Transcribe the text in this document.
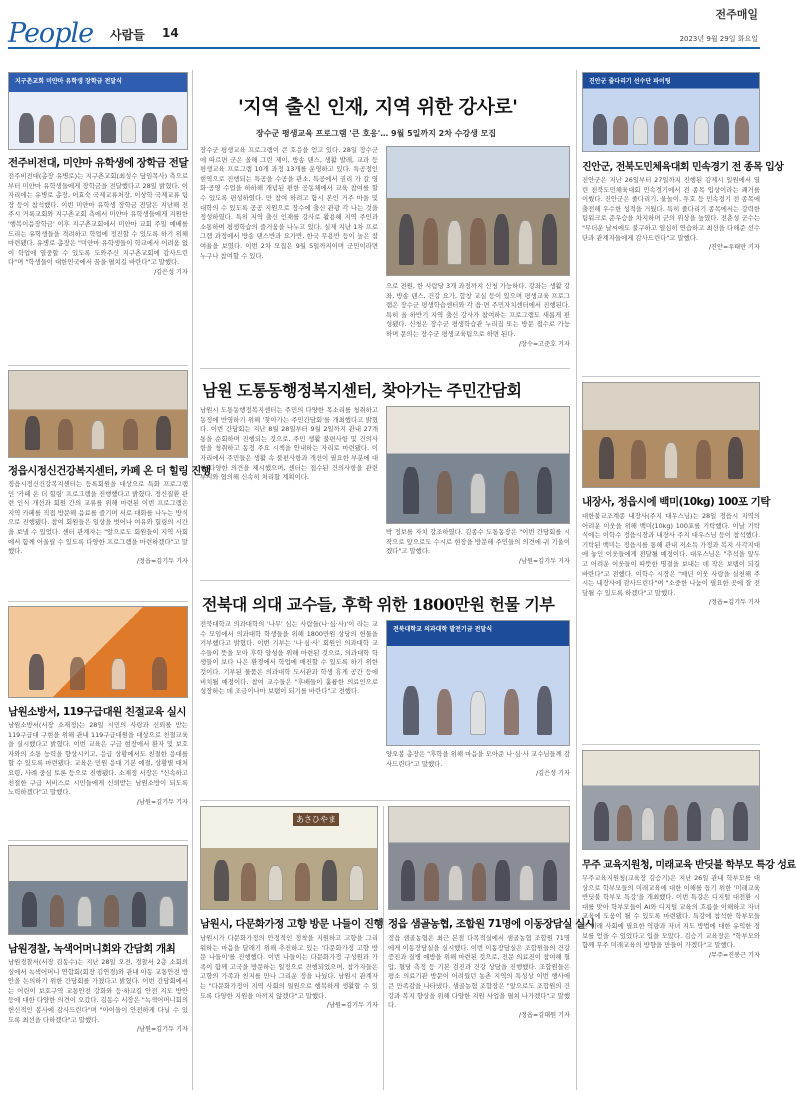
People 사람들 14
전주매일
2023년 9월 29일 화요일
지구촌교회 미얀마 유학생 장학금 전달식
전주비전대, 미얀마 유학생에 장학금 전달
전주비전대(총장 유병로)는 지구촌교회(최성수 담임목사) 측으로부터 미얀마 유학생들에게 장학금을 전달했다고 28일 밝혔다. 이 자리에는 유병로 총장, 이효숙 국제교류처장, 이상학 국제교류 팀장 등이 참석했다. 이번 미얀마 유학생 장학금 전달은 지난해 전주시 거룩교회와 지구촌교회 측에서 미얀마 유학생들에게 지원한 '행복이음장학금' 이후 지구촌교회에서 미얀마 교회 주일 예배를 드리는 유학생들을 격려하고 학업에 정진할 수 있도록 하기 위해 마련됐다. 유병로 총장은 "미얀마 유학생들이 학교에서 어려움 없이 학업에 열중할 수 있도록 도와주신 지구촌교회에 감사드린다"며 "학생들이 대한민국에서 꿈을 펼치길 바란다"고 말했다.
/김은성 기자
정읍시정신건강복지센터, 카페 온 더 힐링 진행
정읍시정신건강복지센터는 등록회원을 대상으로 특화 프로그램인 '카페 온 더 힐링' 프로그램을 진행했다고 밝혔다. 정신질환 관련 인식 개선과 회원 간의 교류를 위해 마련된 이번 프로그램은 지역 카페를 직접 방문해 음료를 즐기며 서로 대화를 나누는 방식으로 진행됐다. 참여 회원들은 일상을 벗어나 여유와 힐링의 시간을 보낼 수 있었다. 센터 관계자는 "앞으로도 회원들이 지역 사회에서 함께 어울릴 수 있도록 다양한 프로그램을 마련하겠다"고 말했다.
/정읍=김기두 기자
남원소방서, 119구급대원 친절교육 실시
남원소방서(서장 소재정)는 28일 시민의 사랑과 신뢰를 받는 119구급대 구현을 위해 관내 119구급대원을 대상으로 친절교육을 실시했다고 밝혔다. 이번 교육은 구급 현장에서 환자 및 보호자와의 소통 능력을 향상시키고, 응급 상황에서도 친절한 응대를 할 수 있도록 마련됐다. 교육은 민원 응대 기본 예절, 상황별 대처 요령, 사례 중심 토론 등으로 진행됐다. 소재정 서장은 "신속하고 친절한 구급 서비스로 시민들에게 신뢰받는 남원소방이 되도록 노력하겠다"고 말했다.
/남원=김기두 기자
남원경찰, 녹색어머니회와 간담회 개최
남원경찰서(서장 김동수)는 지난 28일 오전, 경찰서 2층 소회의실에서 녹색어머니 연합회(회장 김연경)와 관내 아동 교통안전 방안을 논의하기 위한 간담회를 가졌다고 밝혔다. 이번 간담회에서는 어린이 보호구역 교통안전 강화와 등·하교길 안전 지도 방안 등에 대한 다양한 의견이 오갔다. 김동수 서장은 "녹색어머니회의 헌신적인 봉사에 감사드린다"며 "아이들이 안전하게 다닐 수 있도록 최선을 다하겠다"고 말했다.
/남원=김기두 기자
'지역 출신 인재, 지역 위한 강사로'
장수군 평생교육 프로그램 '큰 호응'… 9월 5일까지 2차 수강생 모집
장수군 평생교육 프로그램이 큰 호응을 얻고 있다. 28일 장수군에 따르면 군은 올해 그린 제이, 방송 댄스, 생활 발레, 교과 등 평생교육 프로그램 10개 과정 13개를 운영하고 있다. 특공정인 현역으로 진행되는 특공을 수공을 관소, 특공에서 권리 가 갈 영화·공영 수업을 하하해 개념된 편한 공동체에서 교육 참여를 할 수 있도록 편성하였다. 만 참여 하려고 함시 본인 거주 마을 및 대학의 수 있도록 공공 지원으로 장수에 출신 관광 각 나는 것을 정성하였다. 특히 지역 출신 인재를 강사로 활용해 지역 주민과 소통하며 평생학습의 즐거움을 나누고 있다. 실제 지난 1차 프로그램 과정에서 방송 댄스반과 요가반, 한국 무용반 등이 높은 참여율을 보였다. 이번 2차 모집은 9월 5일까지이며 군민이라면 누구나 참여할 수 있다.
으로 전원, 한 사람당 3개 과정까지 신청 가능하다. 강좌는 생활 강좌, 방송 댄스, 건강 요가, 합창 교실 등이 있으며 평생교육 프로그램은 장수군 평생학습센터와 각 읍·면 주민자치센터에서 진행된다. 특히 올 하반기 지역 출신 강사가 참여하는 프로그램도 새롭게 편성됐다. 신청은 장수군 평생학습관 누리집 또는 방문 접수로 가능하며 문의는 장수군 평생교육팀으로 하면 된다.
/장수=고준호 기자
남원 도통동행정복지센터, 찾아가는 주민간담회
남원시 도통동행정복지센터는 주민의 다양한 목소리를 청취하고 동정에 반영하기 위해 '찾아가는 주민간담회'를 개최했다고 밝혔다. 이번 간담회는 지난 8월 28일부터 9월 2일까지 관내 27개 통을 순회하며 진행되는 것으로, 주민 생활 불편사항 및 건의사항을 청취하고 동정 주요 시책을 안내하는 자리로 마련됐다. 이 자리에서 주민들은 생활 속 불편사항과 개선이 필요한 부분에 대한 다양한 의견을 제시했으며, 센터는 접수된 건의사항을 관련 부서와 협의해 신속히 처리할 계획이다.
박 정보를 자치 강조하였다. 김종수 도통동장은 "이번 간담회를 시작으로 앞으로도 수시로 현장을 방문해 주민들의 의견에 귀 기울이겠다"고 말했다.
/남원=김기두 기자
전북대 의대 교수들, 후학 위한 1800만원 헌물 기부
전북대학교 의과대학의 '나무' 심는 사람들(나·심·사)'이 라는 교수 모임에서 의과대학 학생들을 위해 1800만원 상당의 헌물을 기부했다고 밝혔다. 이번 기부는 '나·심·사' 회원인 의과대학 교수들이 뜻을 모아 후학 양성을 위해 마련된 것으로, 의과대학 학생들이 보다 나은 환경에서 학업에 매진할 수 있도록 하기 위한 것이다. 기부된 물품은 의과대학 도서관과 학생 휴게 공간 등에 비치될 예정이다. 참여 교수들은 "후배들이 훌륭한 의료인으로 성장하는 데 조금이나마 보탬이 되기를 바란다"고 전했다.
전북대학교 의과대학 발전기금 전달식
양오봉 총장은 "후학을 위해 마음을 모아준 나·심·사 교수님들께 감사드린다"고 말했다.
/김은성 기자
あさひやま
남원시, 다문화가정 고향 방문 나들이 진행
남원시가 다문화가정의 안정적인 정착을 지원하고 고향을 그리워하는 마음을 달래기 위해 추진하고 있는 '다문화가정 고향 방문 나들이'를 진행했다. 이번 나들이는 다문화가정 구성원과 가족이 함께 고국을 방문하는 일정으로 진행되었으며, 참가자들은 고향의 가족과 친지를 만나 그리운 정을 나눴다. 남원시 관계자는 "다문화가정이 지역 사회의 일원으로 행복하게 생활할 수 있도록 다양한 지원을 아끼지 않겠다"고 말했다.
/남원=김기두 기자
정읍 샘골농협, 조합원 71명에 이동장담실 실시
정읍 샘골농협은 최근 본점 다목적실에서 샘골농협 조합원 71명에게 이동장담실을 실시했다. 이번 이동장담실은 조합원들의 건강 증진과 질병 예방을 위해 마련된 것으로, 전문 의료진이 참여해 혈압, 혈당 측정 등 기본 검진과 건강 상담을 진행했다. 조합원들은 평소 의료기관 방문이 어려웠던 농촌 지역의 특성상 이번 행사에 큰 만족감을 나타냈다. 샘골농협 조합장은 "앞으로도 조합원의 건강과 복지 향상을 위해 다양한 지원 사업을 펼쳐 나가겠다"고 말했다.
/정읍=김대원 기자
진안군 줄다리기 선수단 파이팅
진안군, 전북도민체육대회 민속경기 전 종목 입상
진안군은 지난 26일부터 27일까지 진행된 김제시 일원에서 열린 전북도민체육대회 민속경기에서 전 종목 입상이라는 쾌거를 이뤘다. 진안군은 줄다리기, 윷놀이, 투호 등 민속경기 전 종목에 출전해 우수한 성적을 거뒀다. 특히 줄다리기 종목에서는 강력한 팀워크로 준우승을 차지하며 군의 위상을 높였다. 전춘성 군수는 "무더운 날씨에도 불구하고 열심히 연습하고 최선을 다해준 선수단과 관계자들에게 감사드린다"고 말했다.
/진안=우태만 기자
내장사, 정읍시에 백미(10kg) 100포 기탁
대한불교조계종 내장사(주지 대우스님)는 28일 정읍시 지역의 어려운 이웃을 위해 백미(10kg) 100포를 기탁했다. 이날 기탁식에는 이학수 정읍시장과 내장사 주지 대우스님 등이 참석했다. 기탁된 백미는 정읍시를 통해 관내 저소득 가정과 복지 사각지대에 놓인 이웃들에게 전달될 예정이다. 대우스님은 "추석을 앞두고 어려운 이웃들이 따뜻한 명절을 보내는 데 작은 보탬이 되길 바란다"고 전했다. 이학수 시장은 "매년 이웃 사랑을 실천해 주시는 내장사에 감사드린다"며 "소중한 나눔이 필요한 곳에 잘 전달될 수 있도록 하겠다"고 말했다.
/정읍=김기두 기자
무주 교육지원청, 미래교육 반딧불 학부모 특강 성료
무주교육지원청(교육장 김승기)은 지난 26일 관내 학부모를 대상으로 학부모들의 미래교육에 대한 이해를 돕기 위한 '미래교육 반딧불 학부모 특강'을 개최했다. 이번 특강은 디지털 대전환 시대를 맞아 학부모들이 AI와 디지털 교육의 흐름을 이해하고 자녀 교육에 도움이 될 수 있도록 마련됐다. 특강에 참석한 학부모들은 미래 사회에 필요한 역량과 자녀 지도 방법에 대한 유익한 정보를 얻을 수 있었다고 입을 모았다. 김승기 교육장은 "학부모와 함께 무주 미래교육의 방향을 만들어 가겠다"고 말했다.
/무주=진봉근 기자
